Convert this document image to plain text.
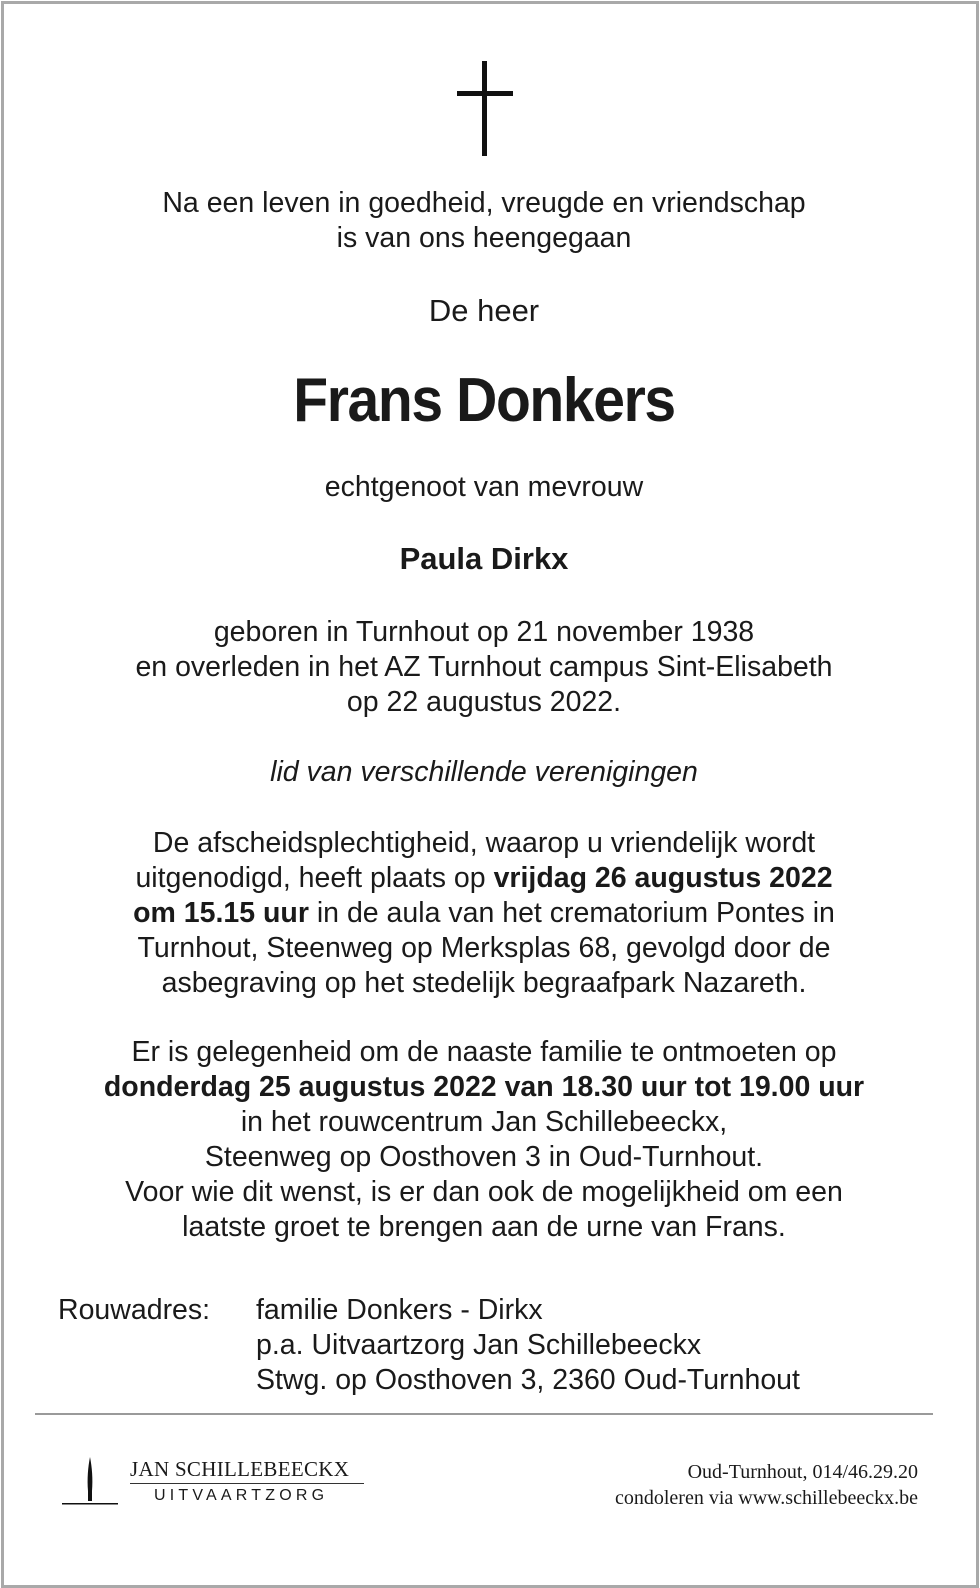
Na een leven in goedheid, vreugde en vriendschap
is van ons heengegaan
De heer
Frans Donkers
echtgenoot van mevrouw
Paula Dirkx
geboren in Turnhout op 21 november 1938
en overleden in het AZ Turnhout campus Sint-Elisabeth
op 22 augustus 2022.
lid van verschillende verenigingen
De afscheidsplechtigheid, waarop u vriendelijk wordt
uitgenodigd, heeft plaats op vrijdag 26 augustus 2022
om 15.15 uur in de aula van het crematorium Pontes in
Turnhout, Steenweg op Merksplas 68, gevolgd door de
asbegraving op het stedelijk begraafpark Nazareth.
Er is gelegenheid om de naaste familie te ontmoeten op
donderdag 25 augustus 2022 van 18.30 uur tot 19.00 uur
in het rouwcentrum Jan Schillebeeckx,
Steenweg op Oosthoven 3 in Oud-Turnhout.
Voor wie dit wenst, is er dan ook de mogelijkheid om een
laatste groet te brengen aan de urne van Frans.
Rouwadres: familie Donkers - Dirkx
p.a. Uitvaartzorg Jan Schillebeeckx
Stwg. op Oosthoven 3, 2360 Oud-Turnhout
JAN SCHILLEBEECKX
UITVAARTZORG
Oud-Turnhout, 014/46.29.20
condoleren via www.schillebeeckx.be
